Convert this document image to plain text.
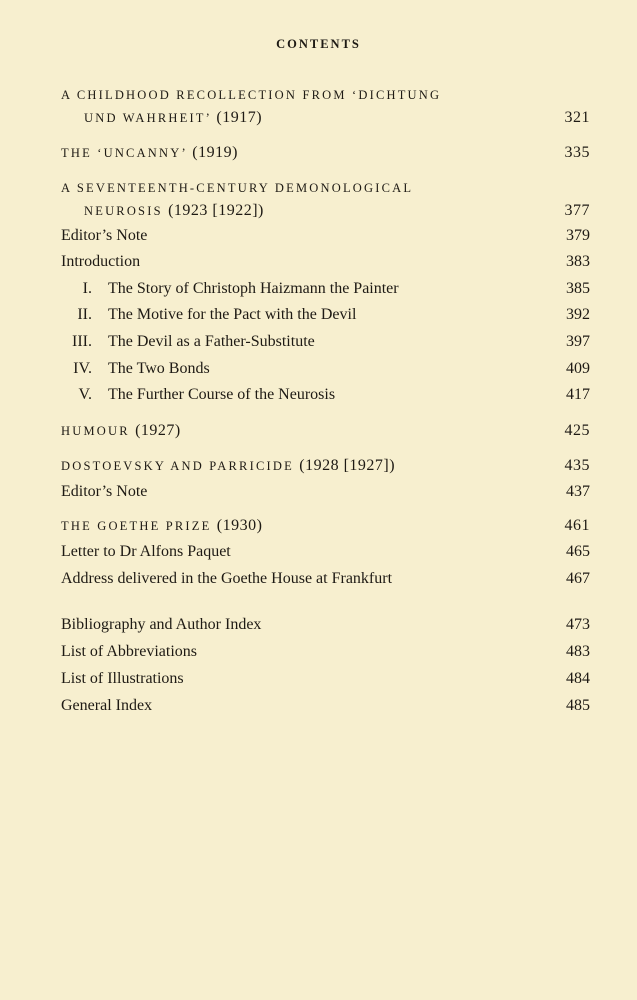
CONTENTS
A CHILDHOOD RECOLLECTION FROM ‘DICHTUNG
UND WAHRHEIT’ (1917)	321
THE ‘UNCANNY’ (1919)	335
A SEVENTEENTH-CENTURY DEMONOLOGICAL
NEUROSIS (1923 [1922])	377
Editor’s Note	379
Introduction	383
I. The Story of Christoph Haizmann the Painter	385
II. The Motive for the Pact with the Devil	392
III. The Devil as a Father-Substitute	397
IV. The Two Bonds	409
V. The Further Course of the Neurosis	417
HUMOUR (1927)	425
DOSTOEVSKY AND PARRICIDE (1928 [1927])	435
Editor’s Note	437
THE GOETHE PRIZE (1930)	461
Letter to Dr Alfons Paquet	465
Address delivered in the Goethe House at Frankfurt	467
Bibliography and Author Index	473
List of Abbreviations	483
List of Illustrations	484
General Index	485
